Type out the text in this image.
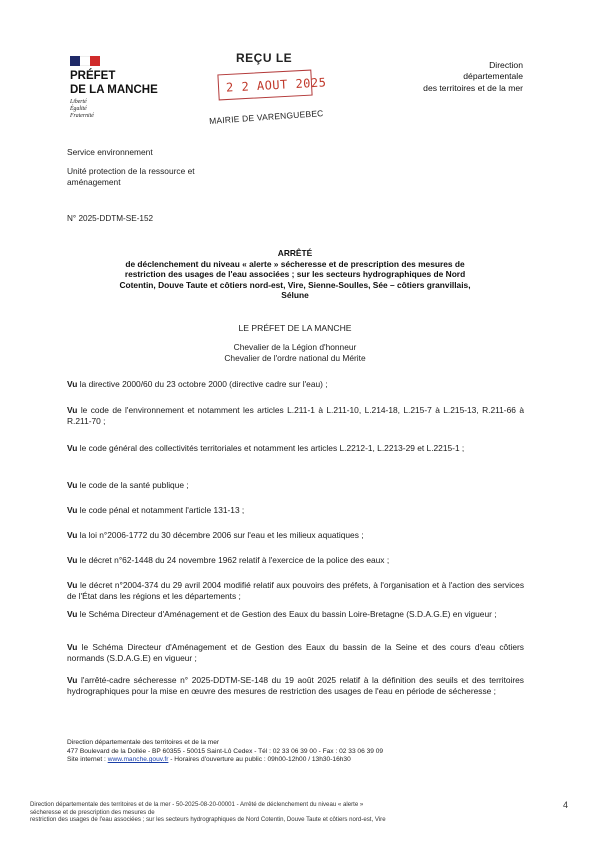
PRÉFET
DE LA MANCHE
Liberté
Égalité
Fraternité
REÇU LE
2 2 AOUT 2025
MAIRIE DE VARENGUEBEC
Direction
départementale
des territoires et de la mer
Service environnement
Unité protection de la ressource et
aménagement
N° 2025-DDTM-SE-152
ARRÊTÉ
de déclenchement du niveau « alerte » sécheresse et de prescription des mesures de
restriction des usages de l'eau associées ; sur les secteurs hydrographiques de Nord
Cotentin, Douve Taute et côtiers nord-est, Vire, Sienne-Soulles, Sée – côtiers granvillais,
Sélune
LE PRÉFET DE LA MANCHE
Chevalier de la Légion d'honneur
Chevalier de l'ordre national du Mérite
Vu la directive 2000/60 du 23 octobre 2000 (directive cadre sur l'eau) ;
Vu le code de l'environnement et notamment les articles L.211-1 à L.211-10, L.214-18, L.215-7 à L.215-13, R.211-66 à R.211-70 ;
Vu le code général des collectivités territoriales et notamment les articles L.2212-1, L.2213-29 et L.2215-1 ;
Vu le code de la santé publique ;
Vu le code pénal et notamment l'article 131-13 ;
Vu la loi n°2006-1772 du 30 décembre 2006 sur l'eau et les milieux aquatiques ;
Vu le décret n°62-1448 du 24 novembre 1962 relatif à l'exercice de la police des eaux ;
Vu le décret n°2004-374 du 29 avril 2004 modifié relatif aux pouvoirs des préfets, à l'organisation et à l'action des services de l'État dans les régions et les départements ;
Vu le Schéma Directeur d'Aménagement et de Gestion des Eaux du bassin Loire-Bretagne (S.D.A.G.E) en vigueur ;
Vu le Schéma Directeur d'Aménagement et de Gestion des Eaux du bassin de la Seine et des cours d'eau côtiers normands (S.D.A.G.E) en vigueur ;
Vu l'arrêté-cadre sécheresse n° 2025-DDTM-SE-148 du 19 août 2025 relatif à la définition des seuils et des territoires hydrographiques pour la mise en œuvre des mesures de restriction des usages de l'eau en période de sécheresse ;
Direction départementale des territoires et de la mer
477 Boulevard de la Dollée - BP 60355 - 50015 Saint-Lô Cedex - Tél : 02 33 06 39 00 - Fax : 02 33 06 39 09
Site internet : www.manche.gouv.fr - Horaires d'ouverture au public : 09h00-12h00 / 13h30-16h30
Direction départementale des territoires et de la mer - 50-2025-08-20-00001 - Arrêté de déclenchement du niveau « alerte »
sécheresse et de prescription des mesures de
restriction des usages de l'eau associées ; sur les secteurs hydrographiques de Nord Cotentin, Douve Taute et côtiers nord-est, Vire
4
